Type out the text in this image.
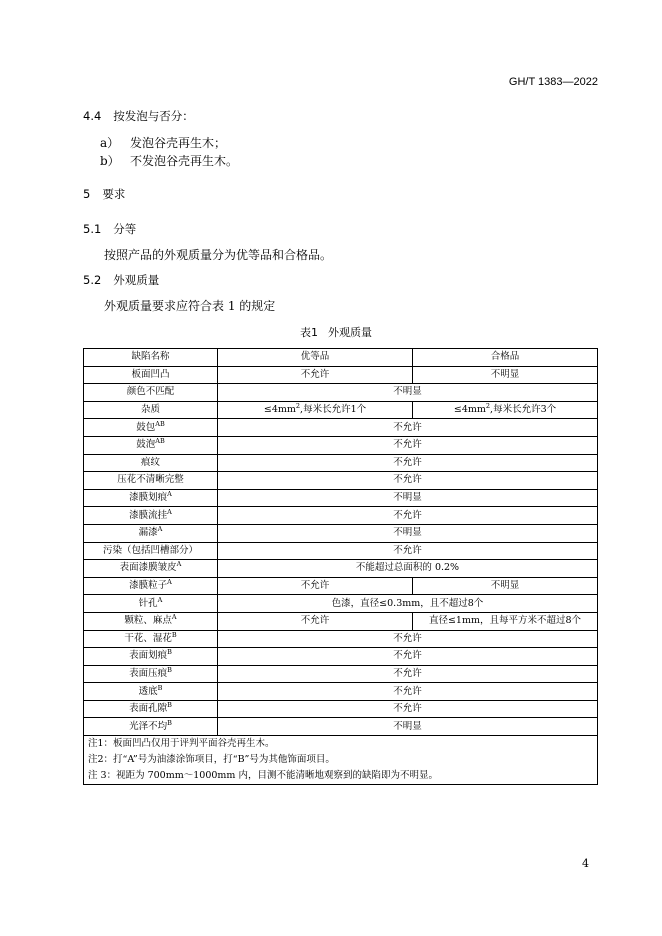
GH/T 1383—2022
4.4 按发泡与否分：
a） 发泡谷壳再生木；
b） 不发泡谷壳再生木。
5 要求
5.1 分等
按照产品的外观质量分为优等品和合格品。
5.2 外观质量
外观质量要求应符合表 1 的规定
表1 外观质量
缺陷名称	优等品	合格品
板面凹凸	不允许	不明显
颜色不匹配	不明显	
杂质	$\le 4mm^2$,每米长允许1个	$\le 4mm^2$,每米长允许3个
鼓包$^{AB}$	不允许	
鼓泡$^{AB}$	不允许	
痕纹	不允许	
压花不清晰完整	不允许	
漆膜划痕$^A$	不明显	
漆膜流挂$^A$	不允许	
漏漆$^A$	不明显	
污染（包括凹槽部分）	不允许	
表面漆膜皱皮$^A$	不能超过总面积的 0.2%	
漆膜粒子$^A$	不允许	不明显
针孔$^A$	色漆，直径≤0.3mm，且不超过8个	
颗粒、麻点$^A$	不允许	直径≤1mm，且每平方米不超过8个
干花、湿花$^B$	不允许	
表面划痕$^B$	不允许	
表面压痕$^B$	不允许	
透底$^B$	不允许	
表面孔隙$^B$	不允许	
光泽不均$^B$	不明显	
注1：板面凹凸仅用于评判平面谷壳再生木。		
注2：打“A”号为油漆涂饰项目，打“B”号为其他饰面项目。		
注 3：视距为 700mm～1000mm 内，目测不能清晰地观察到的缺陷即为不明显。		
4
